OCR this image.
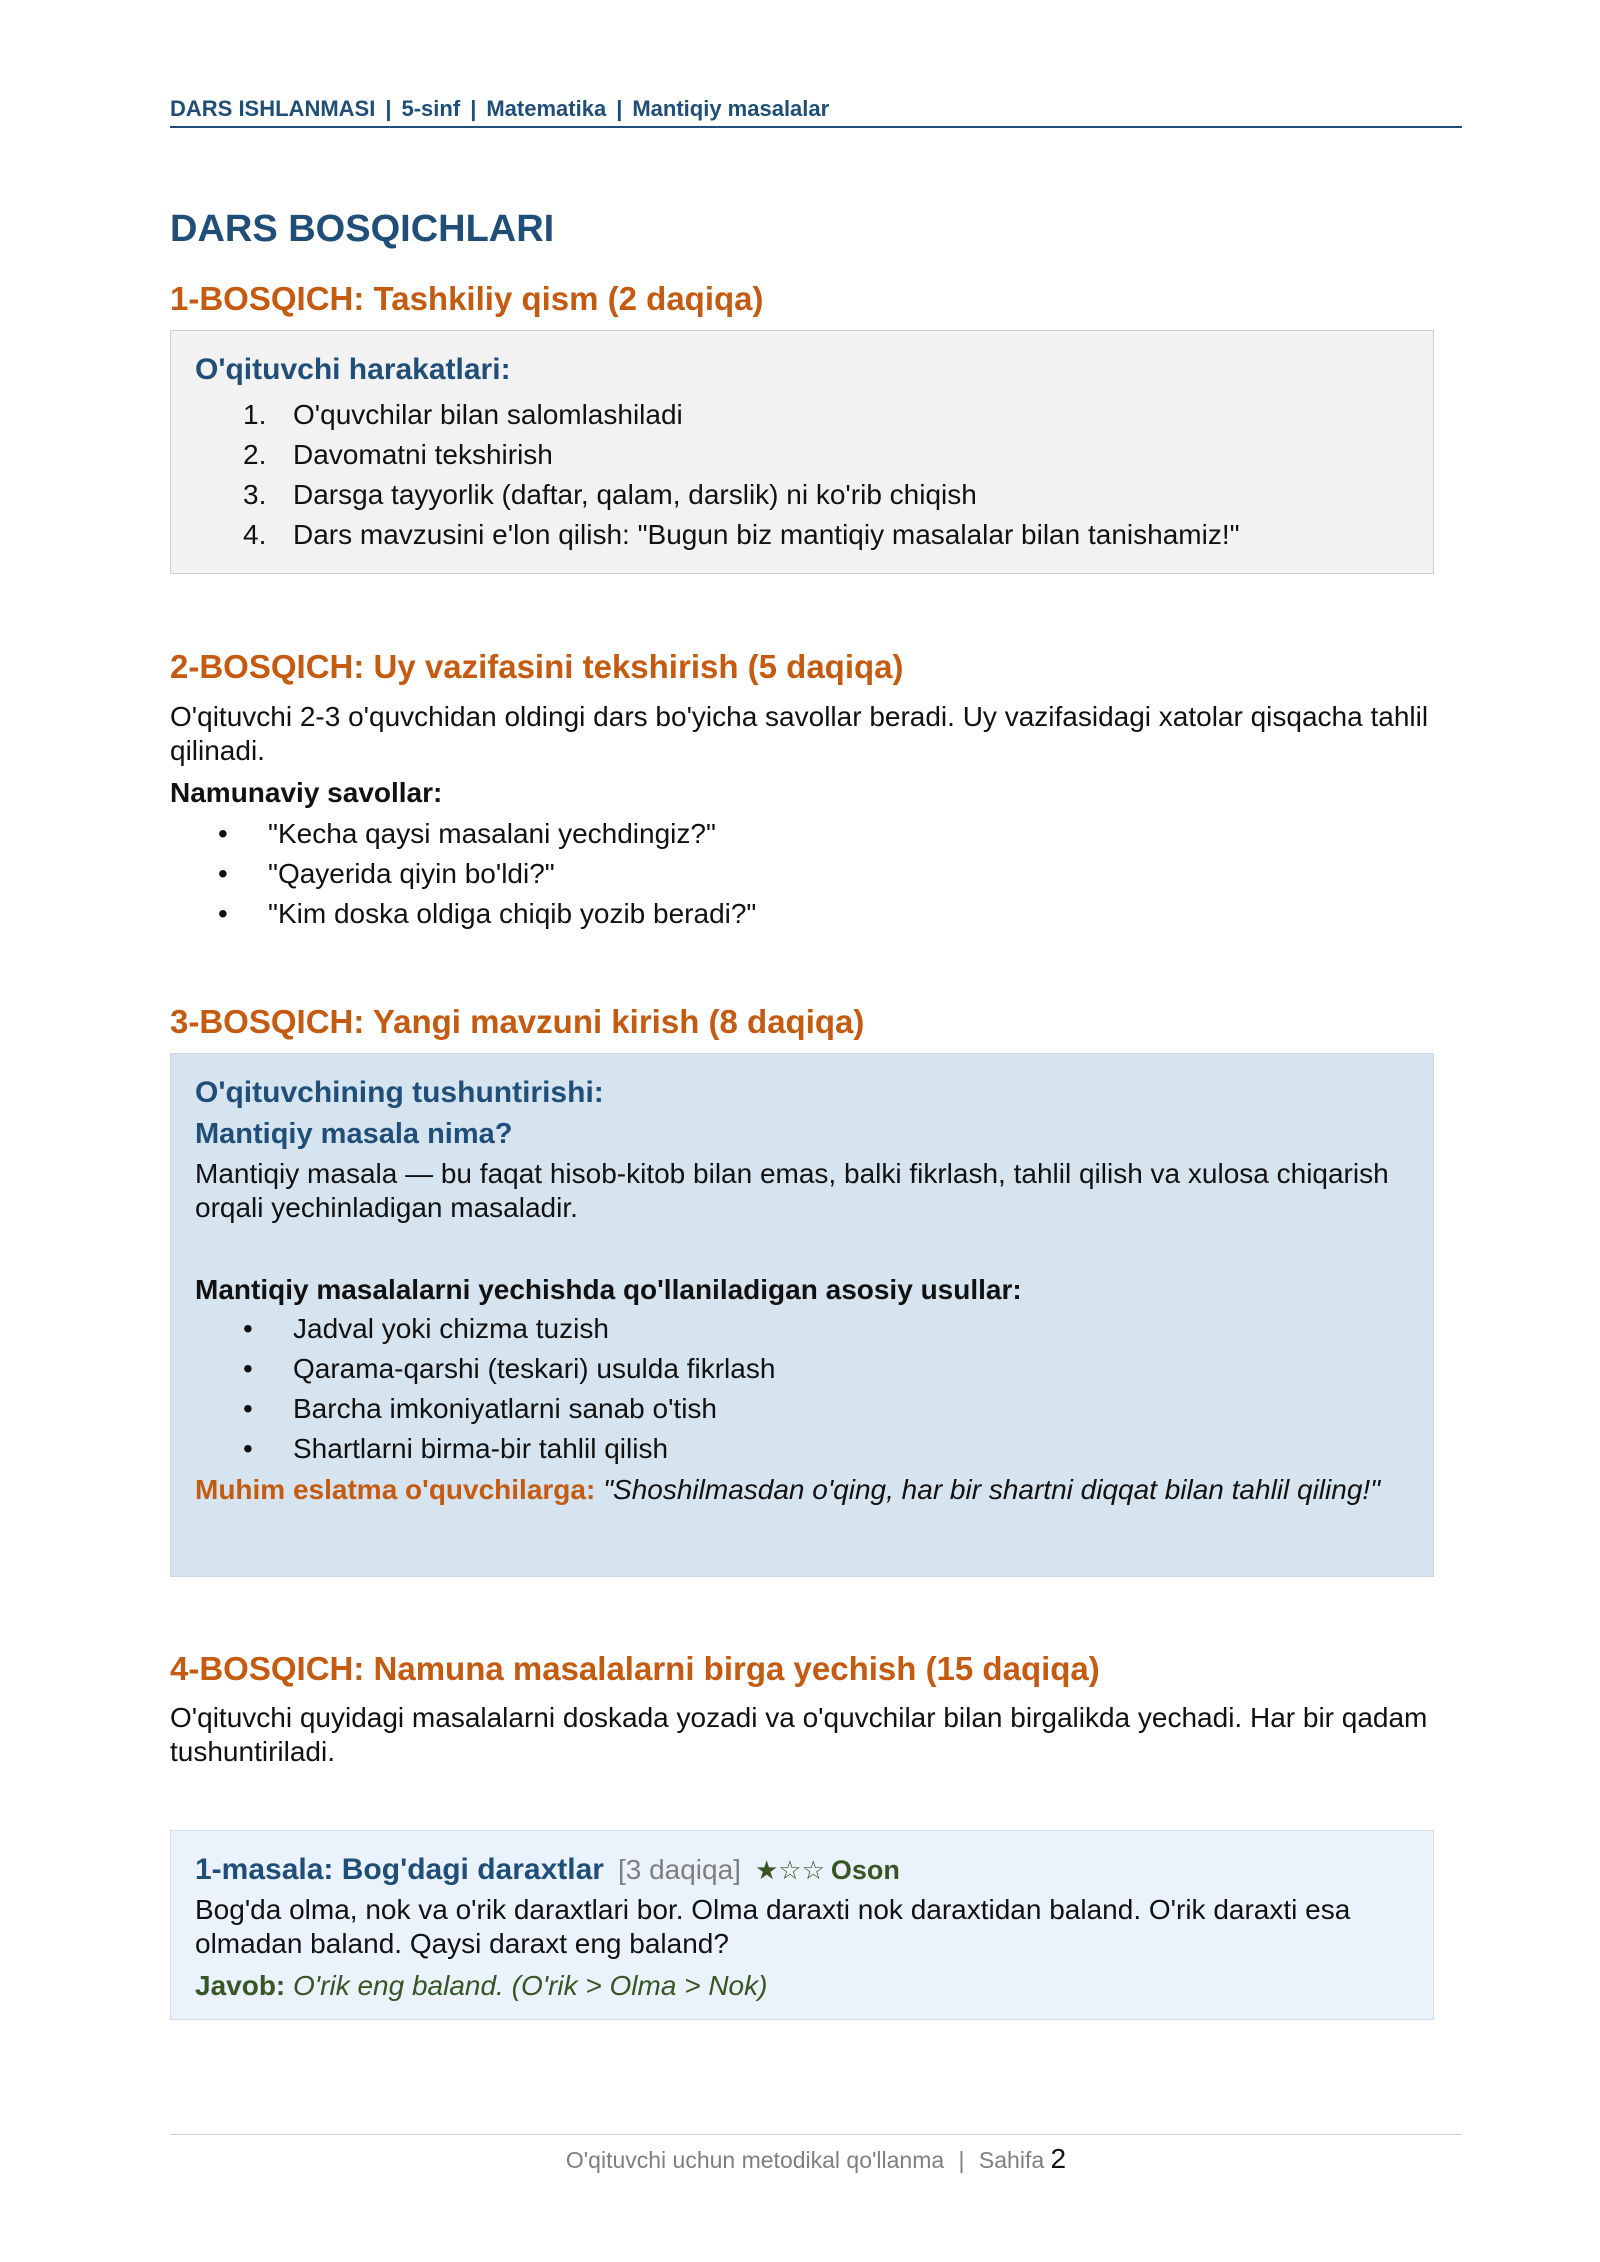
DARS ISHLANMASI | 5-sinf | Matematika | Mantiqiy masalalar
DARS BOSQICHLARI
1-BOSQICH: Tashkiliy qism (2 daqiqa)
O'qituvchi harakatlari:
1. O'quvchilar bilan salomlashiladi
2. Davomatni tekshirish
3. Darsga tayyorlik (daftar, qalam, darslik) ni ko'rib chiqish
4. Dars mavzusini e'lon qilish: "Bugun biz mantiqiy masalalar bilan tanishamiz!"
2-BOSQICH: Uy vazifasini tekshirish (5 daqiqa)

O'qituvchi 2-3 o'quvchidan oldingi dars bo'yicha savollar beradi. Uy vazifasidagi xatolar qisqacha tahlil qilinadi.

Namunaviy savollar:

•	"Kecha qaysi masalani yechdingiz?"
•	"Qayerida qiyin bo'ldi?"
•	"Kim doska oldiga chiqib yozib beradi?"
3-BOSQICH: Yangi mavzuni kirish (8 daqiqa)
O'qituvchining tushuntirishi:
Mantiqiy masala nima?

Mantiqiy masala — bu faqat hisob-kitob bilan emas, balki fikrlash, tahlil qilish va xulosa chiqarish orqali yechinladigan masaladir.

Mantiqiy masalalarni yechishda qo'llaniladigan asosiy usullar:

•	Jadval yoki chizma tuzish
•	Qarama-qarshi (teskari) usulda fikrlash
•	Barcha imkoniyatlarni sanab o'tish
•	Shartlarni birma-bir tahlil qilish

Muhim eslatma o'quvchilarga: "Shoshilmasdan o'qing, har bir shartni diqqat bilan tahlil qiling!"

4-BOSQICH: Namuna masalalarni birga yechish (15 daqiqa)

O'qituvchi quyidagi masalalarni doskada yozadi va o'quvchilar bilan birgalikda yechadi. Har bir qadam tushuntiriladi.

1-masala: Bog'dagi daraxtlar [3 daqiqa] ★☆☆ Oson

Bog'da olma, nok va o'rik daraxtlari bor. Olma daraxti nok daraxtidan baland. O'rik daraxti esa olmadan baland. Qaysi daraxt eng baland?

Javob: O'rik eng baland. (O'rik > Olma > Nok)

O'qituvchi uchun metodikal qo'llanma | Sahifa 2
